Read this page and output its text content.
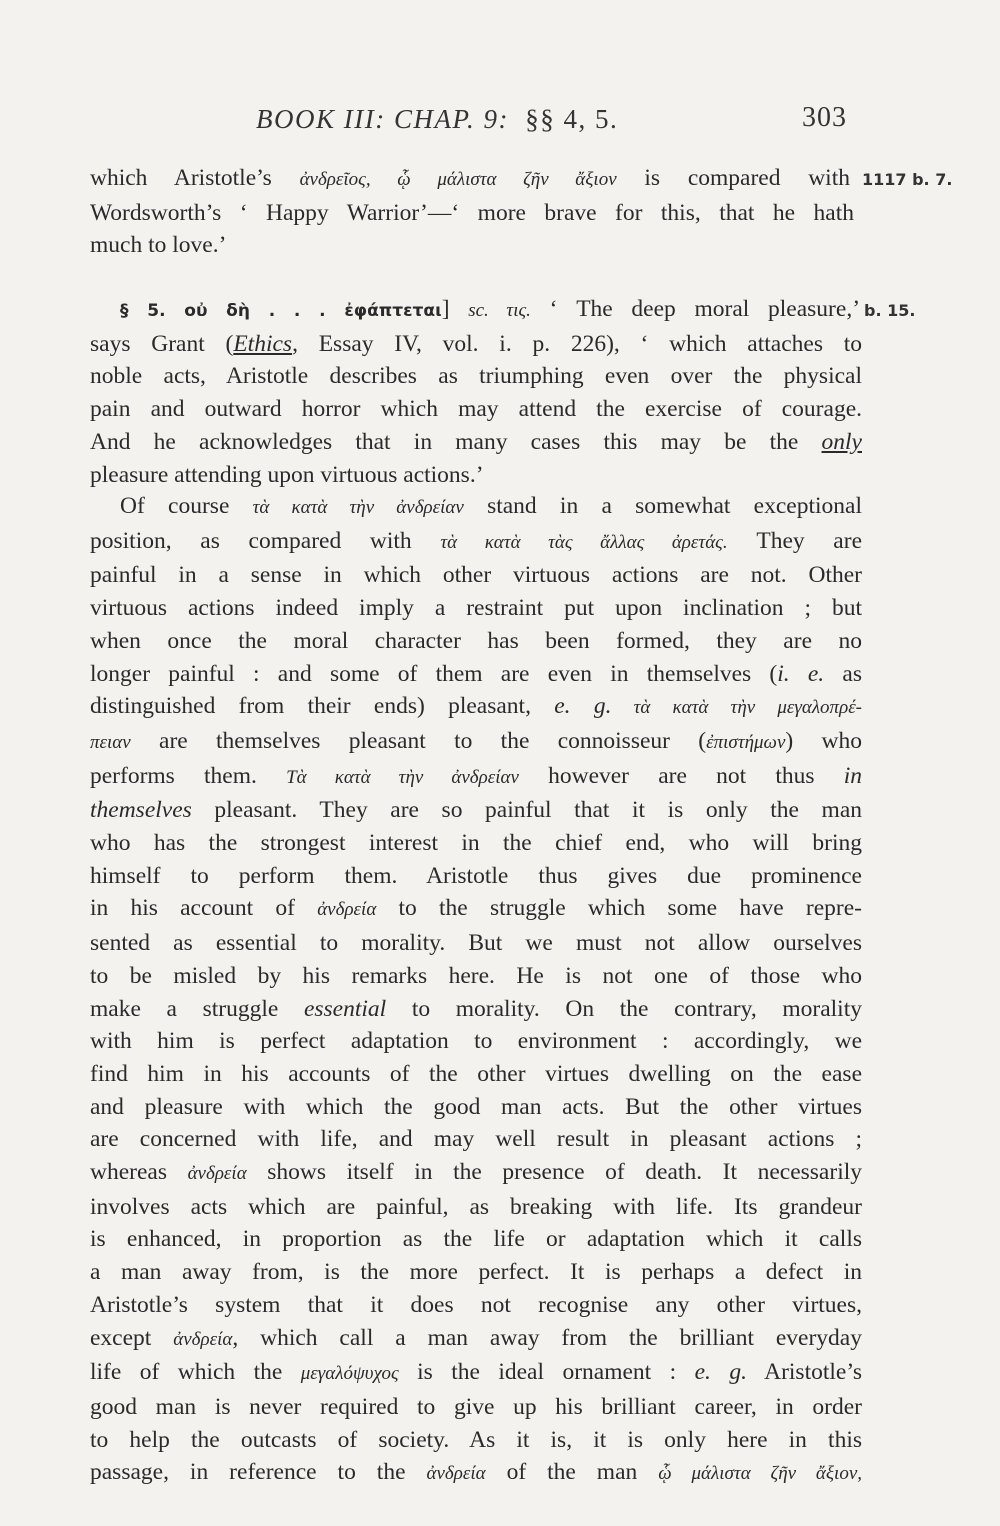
BOOK III: CHAP. 9: §§ 4, 5.	303
1117 b. 7.
b. 15.
which Aristotle’s ἀνδρεῖος, ᾧ μάλιστα ζῆν ἄξιον is compared with
Wordsworth’s ‘ Happy Warrior’—‘ more brave for this, that he hath
much to love.’
§ 5. οὐ δὴ . . . ἐφάπτεται] sc. τις. ‘ The deep moral pleasure,’
says Grant (Ethics, Essay IV, vol. i. p. 226), ‘ which attaches to
noble acts, Aristotle describes as triumphing even over the physical
pain and outward horror which may attend the exercise of courage.
And he acknowledges that in many cases this may be the only
pleasure attending upon virtuous actions.’
Of course τὰ κατὰ τὴν ἀνδρείαν stand in a somewhat exceptional
position, as compared with τὰ κατὰ τὰς ἄλλας ἀρετάς. They are
painful in a sense in which other virtuous actions are not. Other
virtuous actions indeed imply a restraint put upon inclination ; but
when once the moral character has been formed, they are no
longer painful : and some of them are even in themselves (i. e. as
distinguished from their ends) pleasant, e. g. τὰ κατὰ τὴν μεγαλοπρέ-
πειαν are themselves pleasant to the connoisseur (ἐπιστήμων) who
performs them. Τὰ κατὰ τὴν ἀνδρείαν however are not thus in
themselves pleasant. They are so painful that it is only the man
who has the strongest interest in the chief end, who will bring
himself to perform them. Aristotle thus gives due prominence
in his account of ἀνδρεία to the struggle which some have repre-
sented as essential to morality. But we must not allow ourselves
to be misled by his remarks here. He is not one of those who
make a struggle essential to morality. On the contrary, morality
with him is perfect adaptation to environment : accordingly, we
find him in his accounts of the other virtues dwelling on the ease
and pleasure with which the good man acts. But the other virtues
are concerned with life, and may well result in pleasant actions ;
whereas ἀνδρεία shows itself in the presence of death. It necessarily
involves acts which are painful, as breaking with life. Its grandeur
is enhanced, in proportion as the life or adaptation which it calls
a man away from, is the more perfect. It is perhaps a defect in
Aristotle’s system that it does not recognise any other virtues,
except ἀνδρεία, which call a man away from the brilliant everyday
life of which the μεγαλόψυχος is the ideal ornament : e. g. Aristotle’s
good man is never required to give up his brilliant career, in order
to help the outcasts of society. As it is, it is only here in this
passage, in reference to the ἀνδρεία of the man ᾧ μάλιστα ζῆν ἄξιον,
